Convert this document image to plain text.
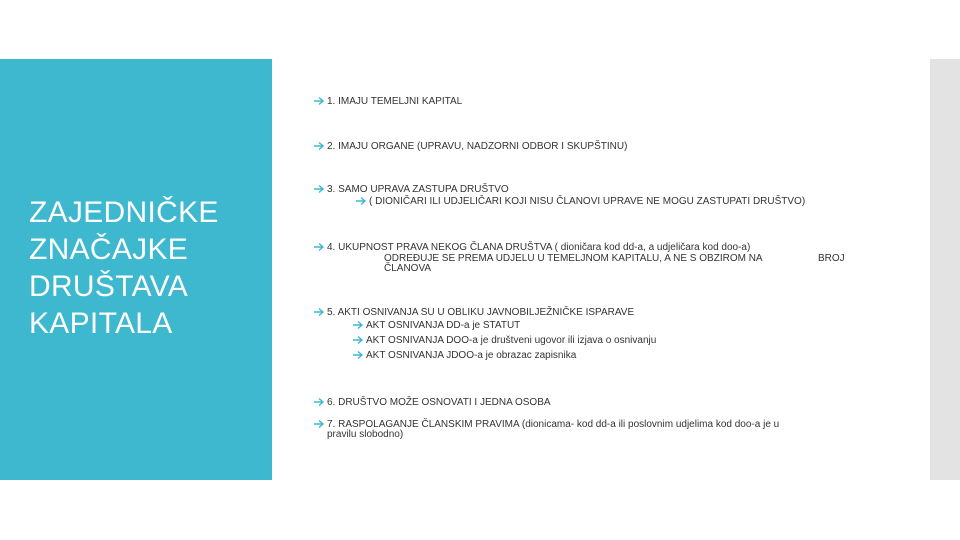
ZAJEDNIČKE
ZNAČAJKE
DRUŠTAVA
KAPITALA
1. IMAJU TEMELJNI KAPITAL
2. IMAJU ORGANE (UPRAVU, NADZORNI ODBOR I SKUPŠTINU)
3. SAMO UPRAVA ZASTUPA DRUŠTVO
( DIONIČARI ILI UDJELIČARI KOJI NISU ČLANOVI UPRAVE NE MOGU ZASTUPATI DRUŠTVO)
4. UKUPNOST PRAVA NEKOG ČLANA DRUŠTVA ( dioničara kod dd-a, a udjeličara kod doo-a)
ODREĐUJE SE PREMA UDJELU U TEMELJNOM KAPITALU, A NE S OBZIROM NA	BROJ
ČLANOVA
5. AKTI OSNIVANJA SU U OBLIKU JAVNOBILJEŽNIČKE ISPARAVE
AKT OSNIVANJA DD-a je STATUT
AKT OSNIVANJA DOO-a je društveni ugovor ili izjava o osnivanju
AKT OSNIVANJA JDOO-a je obrazac zapisnika
6. DRUŠTVO MOŽE OSNOVATI I JEDNA OSOBA
7. RASPOLAGANJE ČLANSKIM PRAVIMA (dionicama- kod dd-a ili poslovnim udjelima kod doo-a je u
pravilu slobodno)
